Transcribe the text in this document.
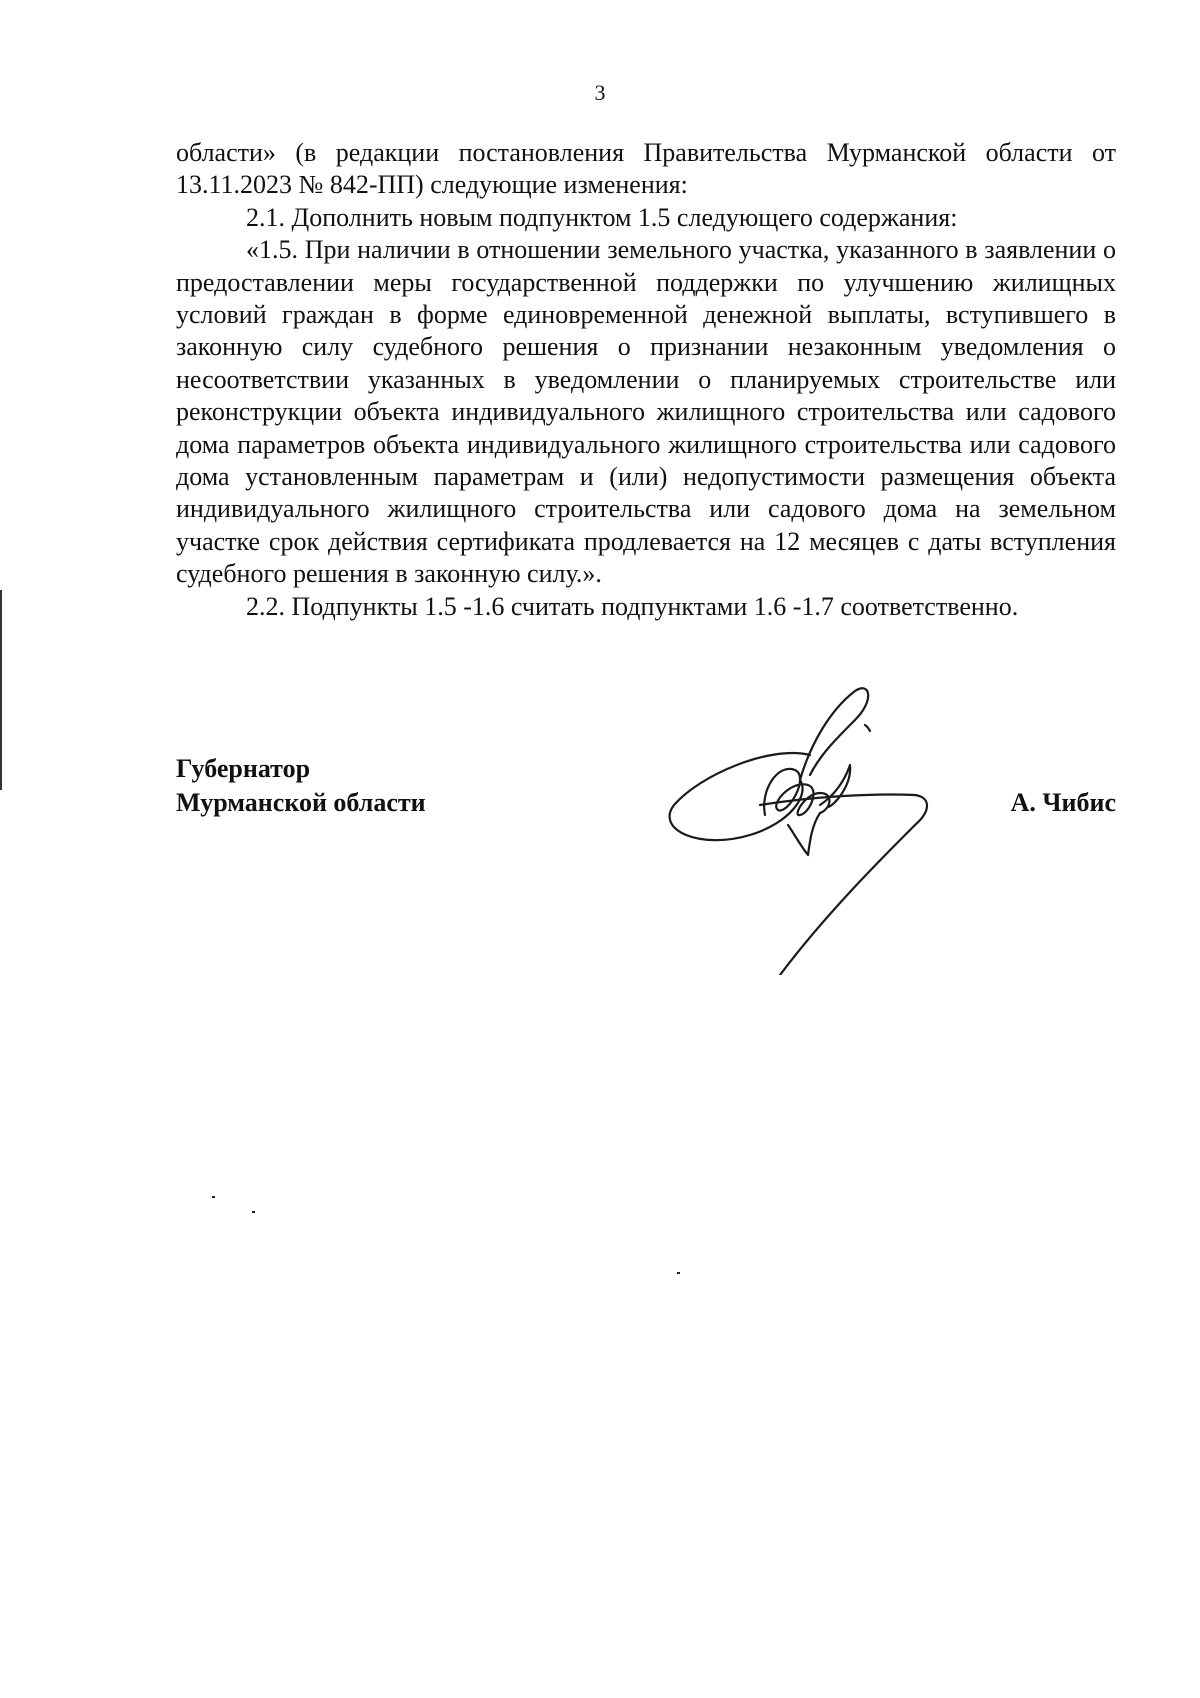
3

области» (в редакции постановления Правительства Мурманской области от 13.11.2023 № 842-ПП) следующие изменения:

2.1. Дополнить новым подпунктом 1.5 следующего содержания:

«1.5. При наличии в отношении земельного участка, указанного в заявлении о предоставлении меры государственной поддержки по улучшению жилищных условий граждан в форме единовременной денежной выплаты, вступившего в законную силу судебного решения о признании незаконным уведомления о несоответствии указанных в уведомлении о планируемых строительстве или реконструкции объекта индивидуального жилищного строительства или садового дома параметров объекта индивидуального жилищного строительства или садового дома установленным параметрам и (или) недопустимости размещения объекта индивидуального жилищного строительства или садового дома на земельном участке срок действия сертификата продлевается на 12 месяцев с даты вступления судебного решения в законную силу.».

2.2. Подпункты 1.5 -1.6 считать подпунктами 1.6 -1.7 соответственно.

Губернатор
Мурманской области	А. Чибис
